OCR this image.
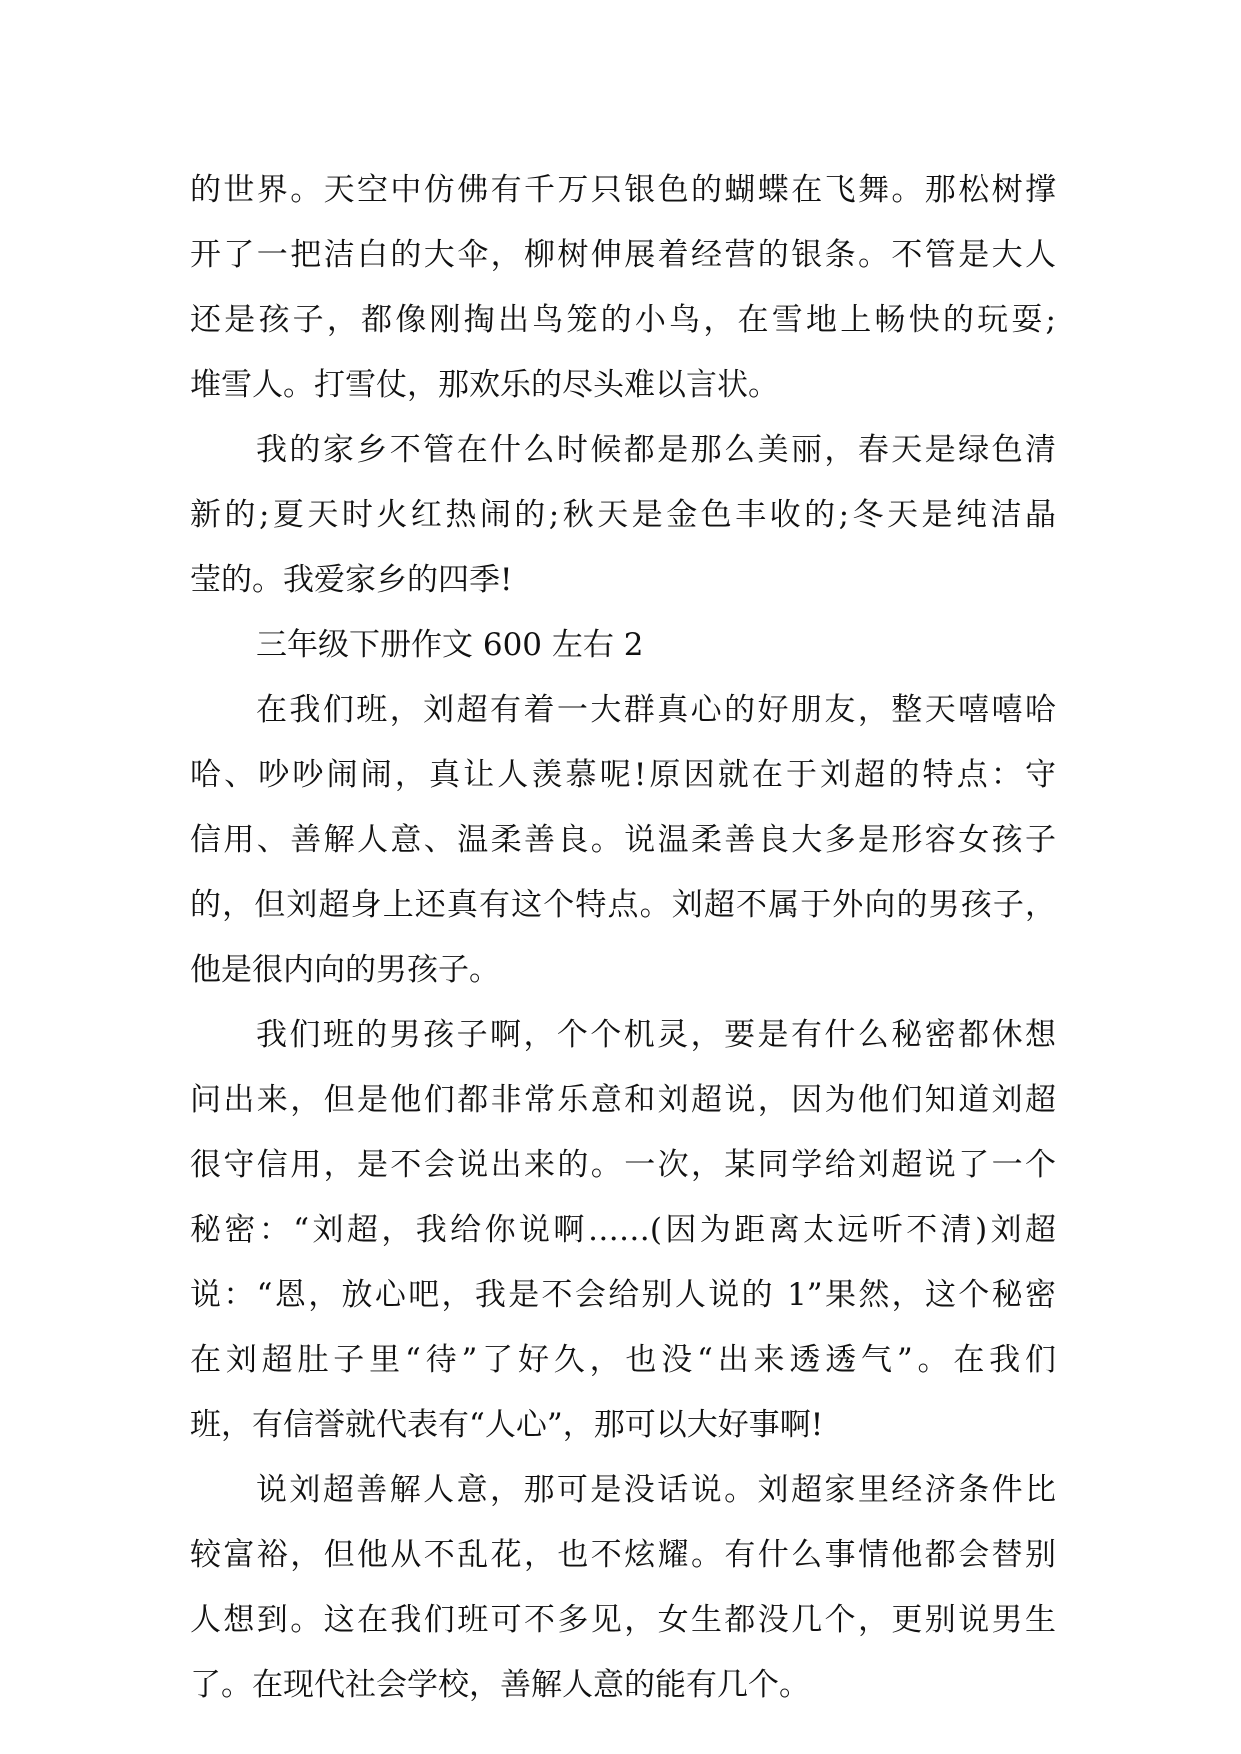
的世界。天空中仿佛有千万只银色的蝴蝶在飞舞。那松树撑
开了一把洁白的大伞，柳树伸展着经营的银条。不管是大人
还是孩子，都像刚掏出鸟笼的小鸟，在雪地上畅快的玩耍;
堆雪人。打雪仗，那欢乐的尽头难以言状。
我的家乡不管在什么时候都是那么美丽，春天是绿色清
新的;夏天时火红热闹的;秋天是金色丰收的;冬天是纯洁晶
莹的。我爱家乡的四季!
三年级下册作文 600 左右 2
在我们班，刘超有着一大群真心的好朋友，整天嘻嘻哈
哈、吵吵闹闹，真让人羡慕呢!原因就在于刘超的特点：守
信用、善解人意、温柔善良。说温柔善良大多是形容女孩子
的，但刘超身上还真有这个特点。刘超不属于外向的男孩子，
他是很内向的男孩子。
我们班的男孩子啊，个个机灵，要是有什么秘密都休想
问出来，但是他们都非常乐意和刘超说，因为他们知道刘超
很守信用，是不会说出来的。一次，某同学给刘超说了一个
秘密：“刘超，我给你说啊……(因为距离太远听不清)刘超
说：“恩，放心吧，我是不会给别人说的 1”果然，这个秘密
在刘超肚子里“待”了好久，也没“出来透透气”。在我们
班，有信誉就代表有“人心”，那可以大好事啊!
说刘超善解人意，那可是没话说。刘超家里经济条件比
较富裕，但他从不乱花，也不炫耀。有什么事情他都会替别
人想到。这在我们班可不多见，女生都没几个，更别说男生
了。在现代社会学校，善解人意的能有几个。
